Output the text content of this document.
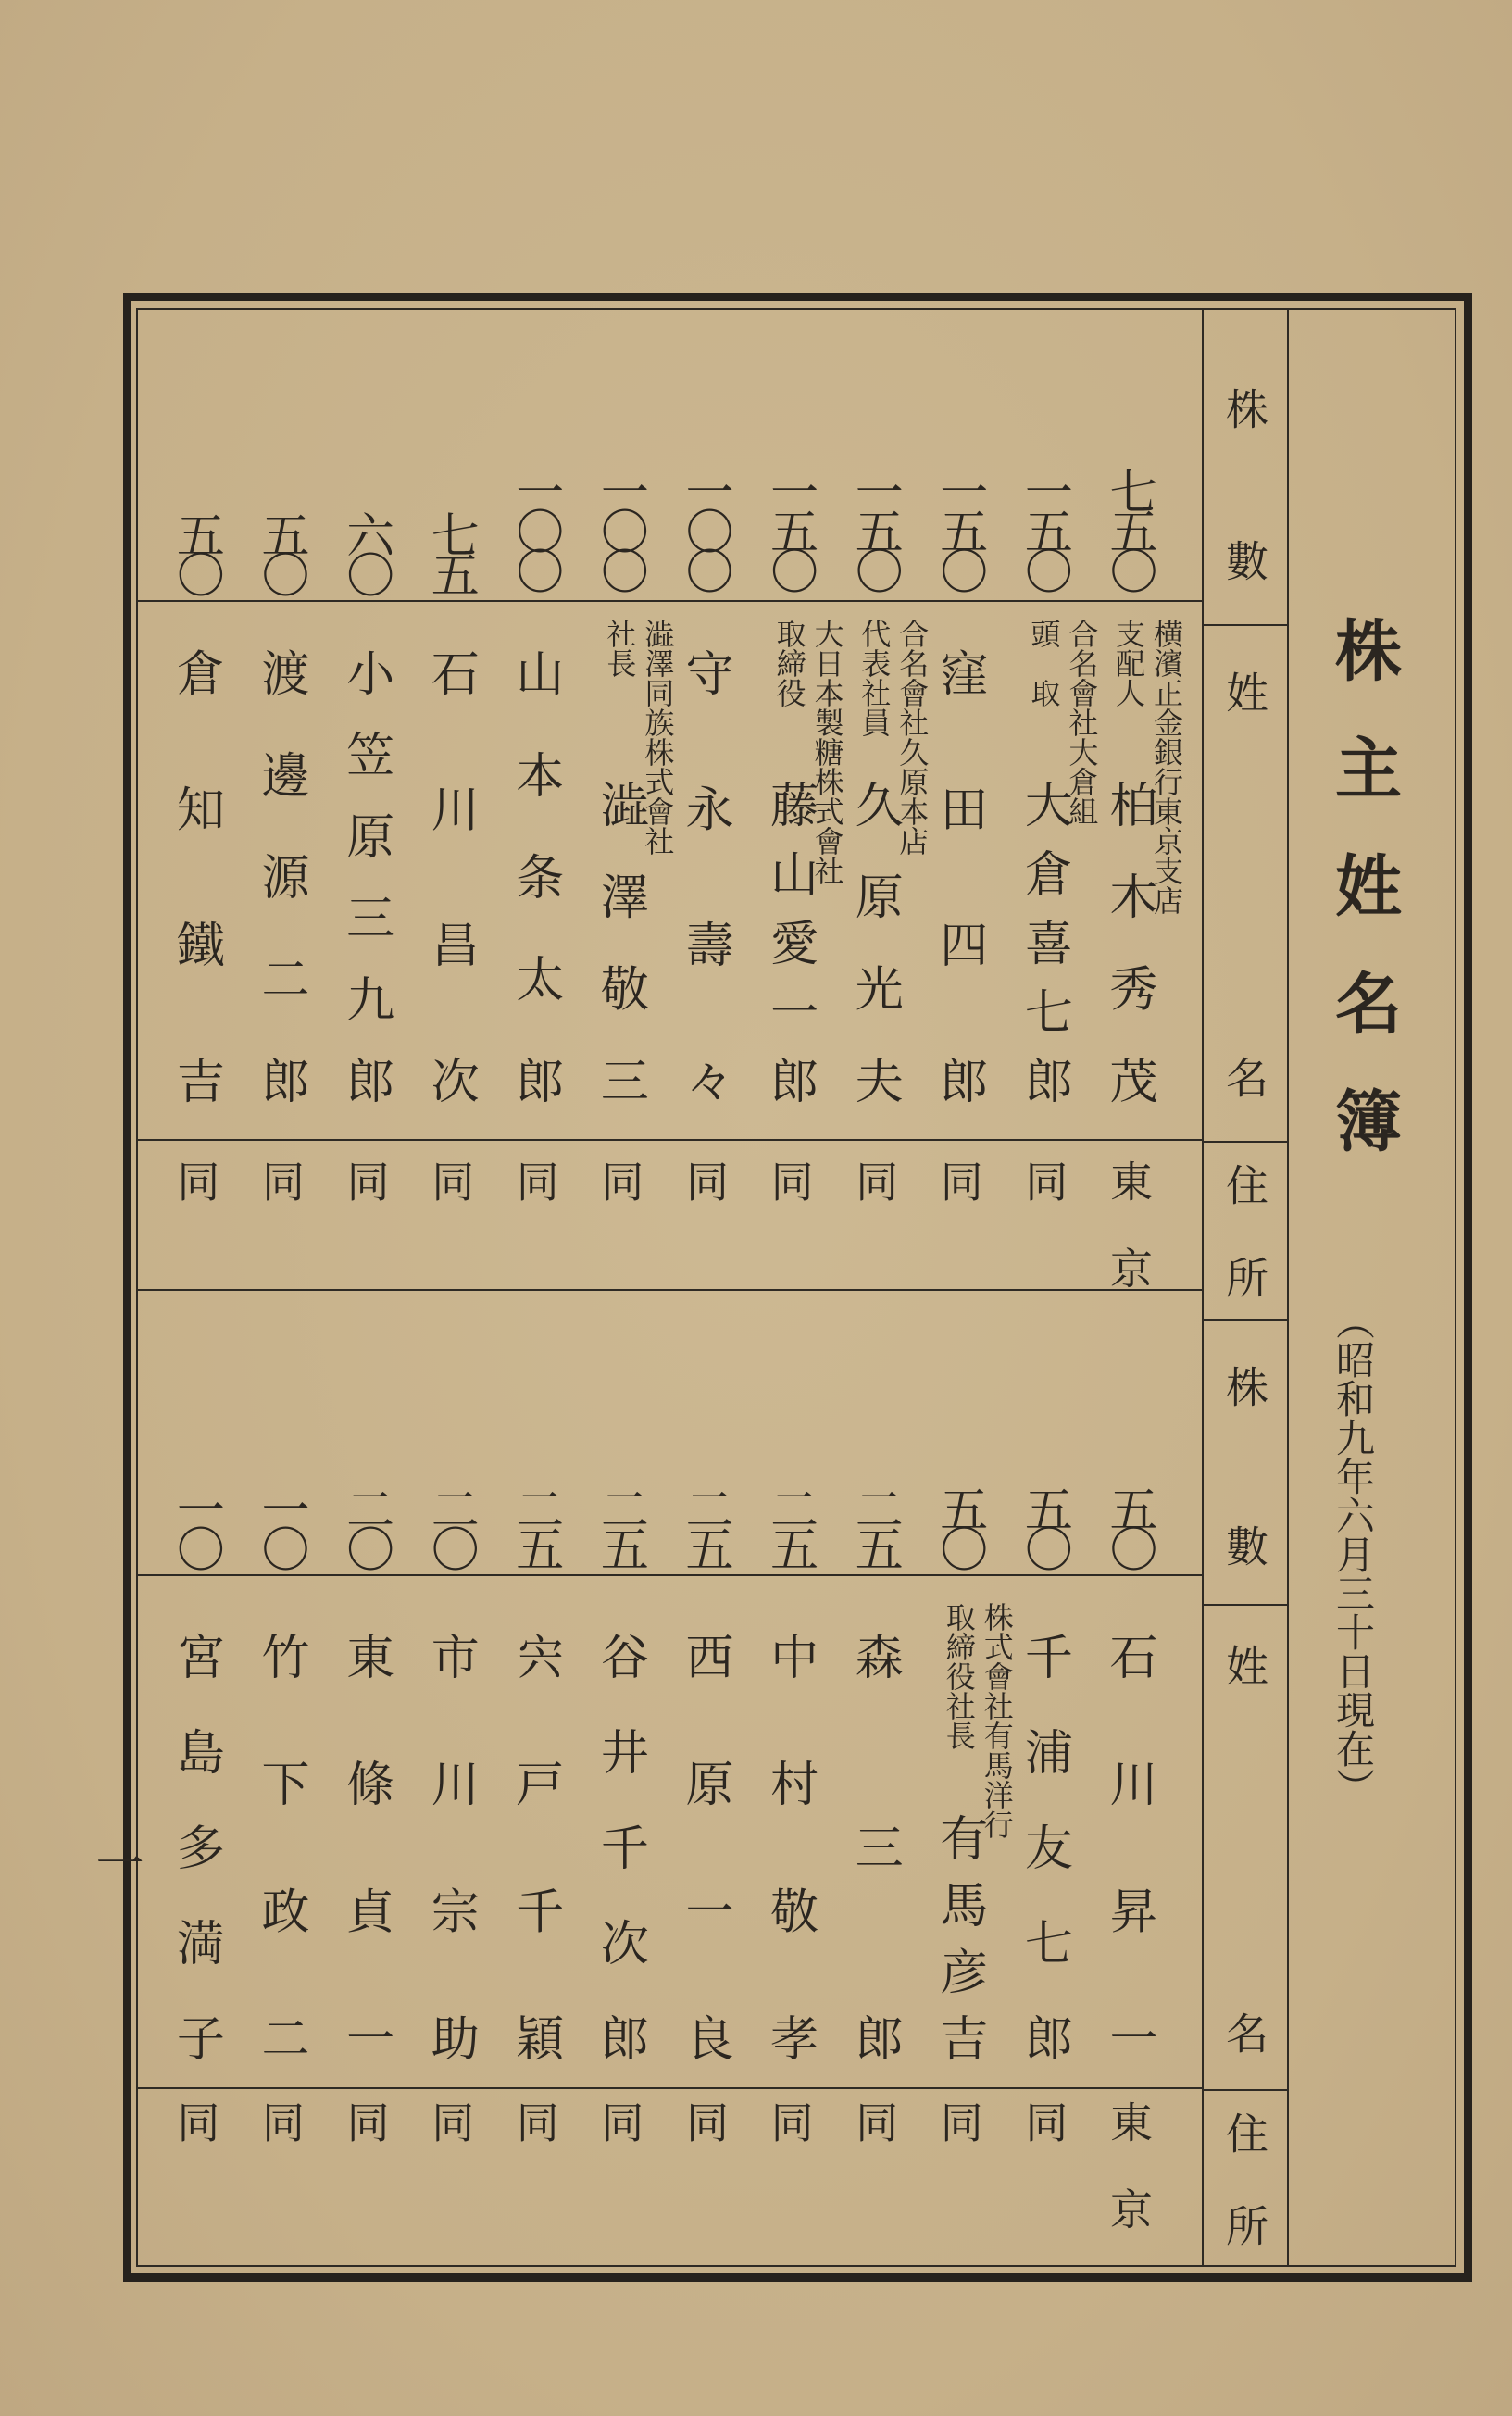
株主姓名簿
（昭和九年六月三十日現在）
株數
姓
名
住所
株數
姓
名
住所
一
七五〇
柏木秀茂
横濱正金銀行東京支店
支配人
東京
一五〇
大倉喜七郎
合名會社大倉組
頭　取
同
一五〇
窪田四郎
同
一五〇
久原光夫
合名會社久原本店
代表社員
同
一五〇
藤山愛一郎
大日本製糖株式會社
取締役
同
一〇〇
守永壽々
同
一〇〇
澁澤敬三
澁澤同族株式會社
社長
同
一〇〇
山本条太郎
同
七五
石川昌次
同
六〇
小笠原三九郎
同
五〇
渡邊源二郎
同
五〇
倉知鐵吉
同
五〇
石川昇一
東京
五〇
千浦友七郎
同
五〇
有馬彦吉
株式會社有馬洋行
取締役社長
同
二五
森三郎
同
二五
中村敬孝
同
二五
西原一良
同
二五
谷井千次郎
同
二五
宍戸千穎
同
二〇
市川宗助
同
二〇
東條貞一
同
一〇
竹下政二
同
一〇
宮島多満子
同
